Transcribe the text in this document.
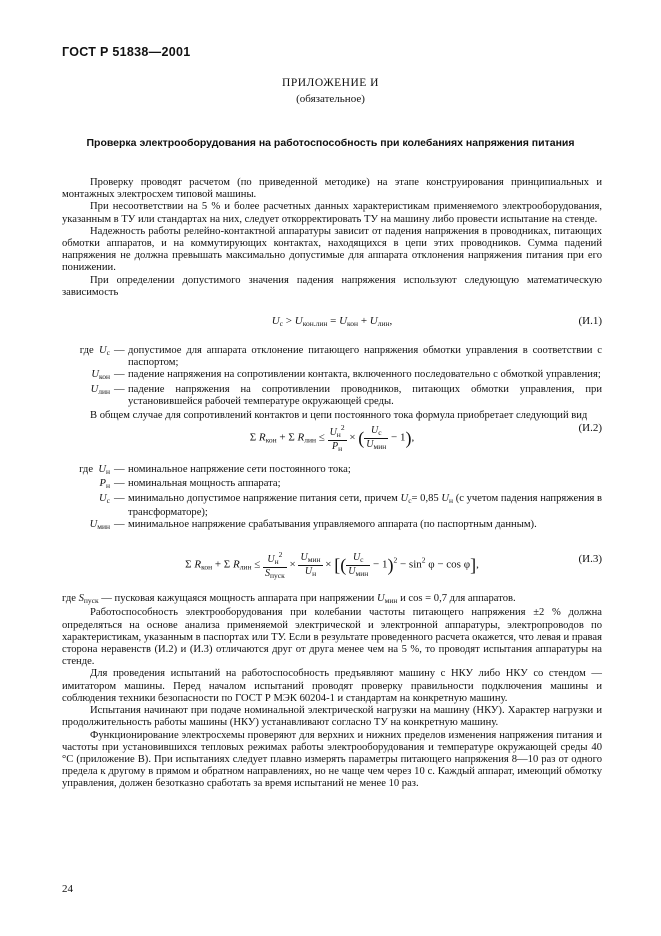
ГОСТ Р 51838—2001
ПРИЛОЖЕНИЕ И
(обязательное)
Проверка электрооборудования на работоспособность при колебаниях напряжения питания

Проверку проводят расчетом (по приведенной методике) на этапе конструирования принципиальных и монтажных электросхем типовой машины.

При несоответствии на 5 % и более расчетных данных характеристикам применяемого электрооборудования, указанным в ТУ или стандартах на них, следует откорректировать ТУ на машину либо провести испытание на стенде.

Надежность работы релейно-контактной аппаратуры зависит от падения напряжения в проводниках, питающих обмотки аппаратов, и на коммутирующих контактах, находящихся в цепи этих проводников. Сумма падений напряжения не должна превышать максимально допустимые для аппарата отклонения напряжения питания при его понижении.

При определении допустимого значения падения напряжения используют следующую математическую зависимость

$U_с > U_{кон.лин} = U_{кон} + U_{лин}$,	(И.1)
где $U_с$ — допустимое для аппарата отклонение питающего напряжения обмотки управления в соответствии с паспортом;
$U_{кон}$ — падение напряжения на сопротивлении контакта, включенного последовательно с обмоткой управления;
$U_{лин}$ — падение напряжения на сопротивлении проводников, питающих обмотки управления, при установившейся рабочей температуре окружающей среды.

В общем случае для сопротивлений контактов и цепи постоянного тока формула приобретает следующий вид

Σ $R_{кон} + \Sigma$ $R_{лин} \le \frac{U_н^2}{P_н}$ × ( $\frac{U_с}{U_{мин}} - 1$),
(И.2)
где $U_н$ — номинальное напряжение сети постоянного тока;
$P_н$ — номинальная мощность аппарата;
$U_с$ — минимально допустимое напряжение питания сети, причем $U_с= 0,85$ $U_н$ (с учетом падения напряжения в трансформаторе);
$U_{мин}$ — минимальное напряжение срабатывания управляемого аппарата (по паспортным данным).
Σ $R_{кон} + \Sigma$ $R_{лин} \le \frac{U_н^2}{S_{пуск}} \times \frac{U_{мин}}{U_н}$ × [( $\frac{U_с}{U_{мин}} - 1)^2 - \sin^2 \varphi - \cos \varphi$],	(И.3)

где $S_{пуск}$ — пусковая кажущаяся мощность аппарата при напряжении $U_{мин}$ и cos = 0,7 для аппаратов.

Работоспособность электрооборудования при колебании частоты питающего напряжения ±2 % должна определяться на основе анализа применяемой электрической и электронной аппаратуры, электропроводов по характеристикам, указанным в паспортах или ТУ. Если в результате проведенного расчета окажется, что левая и правая сторона неравенств (И.2) и (И.3) отличаются друг от друга менее чем на 5 %, то проводят испытания аппаратуры на стенде.

Для проведения испытаний на работоспособность предъявляют машину с НКУ либо НКУ со стендом — имитатором машины. Перед началом испытаний проводят проверку правильности подключения машины и соблюдения техники безопасности по ГОСТ Р МЭК 60204-1 и стандартам на конкретную машину.

Испытания начинают при подаче номинальной электрической нагрузки на машину (НКУ). Характер нагрузки и продолжительность работы машины (НКУ) устанавливают согласно ТУ на конкретную машину.

Функционирование электросхемы проверяют для верхних и нижних пределов изменения напряжения питания и частоты при установившихся тепловых режимах работы электрооборудования и температуре окружающей среды 40 °С (приложение В). При испытаниях следует плавно измерять параметры питающего напряжения 8—10 раз от одного предела к другому в прямом и обратном направлениях, но не чаще чем через 10 с. Каждый аппарат, имеющий обмотку управления, должен безотказно сработать за время испытаний не менее 10 раз.

24
